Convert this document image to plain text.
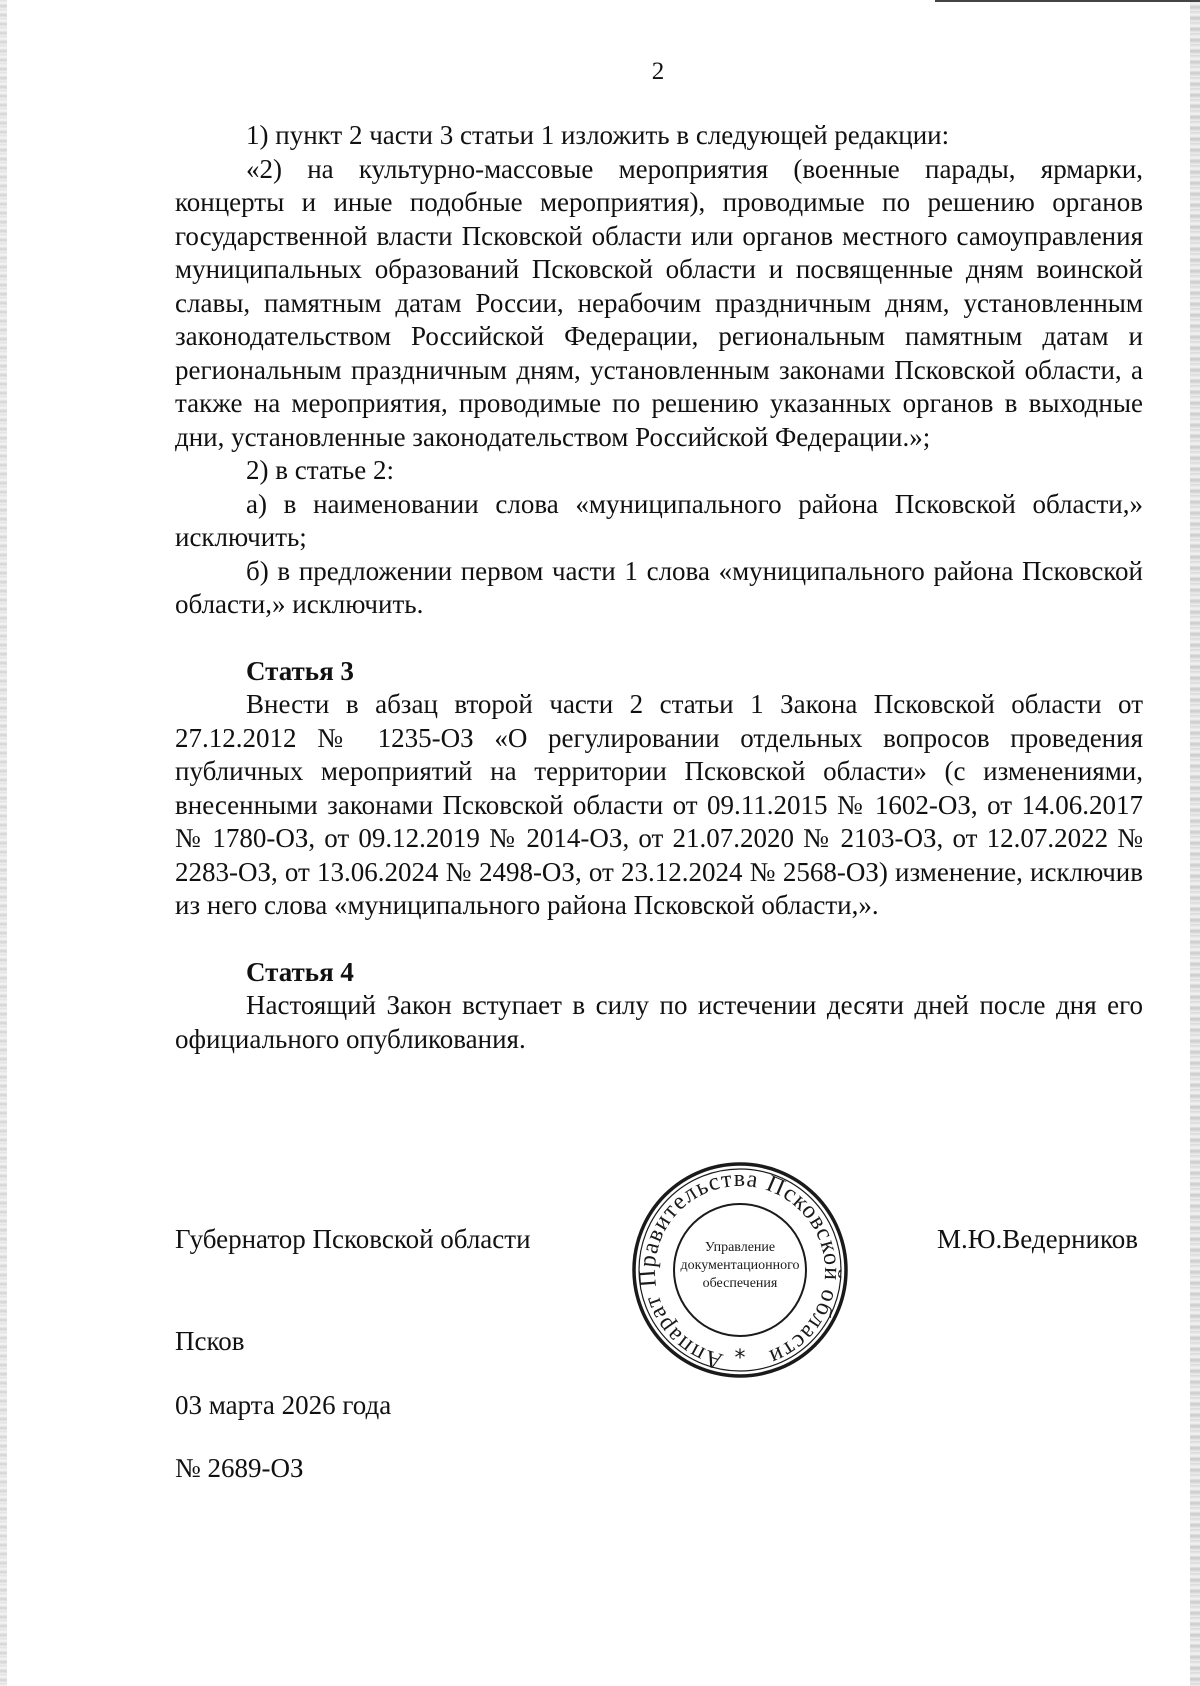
2

1) пункт 2 части 3 статьи 1 изложить в следующей редакции:

«2) на культурно-массовые мероприятия (военные парады, ярмарки, концерты и иные подобные мероприятия), проводимые по решению органов государственной власти Псковской области или органов местного самоуправления муниципальных образований Псковской области и посвященные дням воинской славы, памятным датам России, нерабочим праздничным дням, установленным законодательством Российской Федерации, региональным памятным датам и региональным праздничным дням, установленным законами Псковской области, а также на мероприятия, проводимые по решению указанных органов в выходные дни, установленные законодательством Российской Федерации.»;

2) в статье 2:

а) в наименовании слова «муниципального района Псковской области,» исключить;

б) в предложении первом части 1 слова «муниципального района Псковской области,» исключить.

Статья 3

Внести в абзац второй части 2 статьи 1 Закона Псковской области от 27.12.2012 № 1235-ОЗ «О регулировании отдельных вопросов проведения публичных мероприятий на территории Псковской области» (с изменениями, внесенными законами Псковской области от 09.11.2015 № 1602-ОЗ, от 14.06.2017 № 1780-ОЗ, от 09.12.2019 № 2014-ОЗ, от 21.07.2020 № 2103-ОЗ, от 12.07.2022 № 2283-ОЗ, от 13.06.2024 № 2498-ОЗ, от 23.12.2024 № 2568-ОЗ) изменение, исключив из него слова «муниципального района Псковской области,».

Статья 4

Настоящий Закон вступает в силу по истечении десяти дней после дня его официального опубликования.

Губернатор Псковской области	М.Ю.Ведерников
Аппарат Правительства Псковской области
*
Управление
документационного
обеспечения
Псков
03 марта 2026 года
№ 2689-ОЗ
